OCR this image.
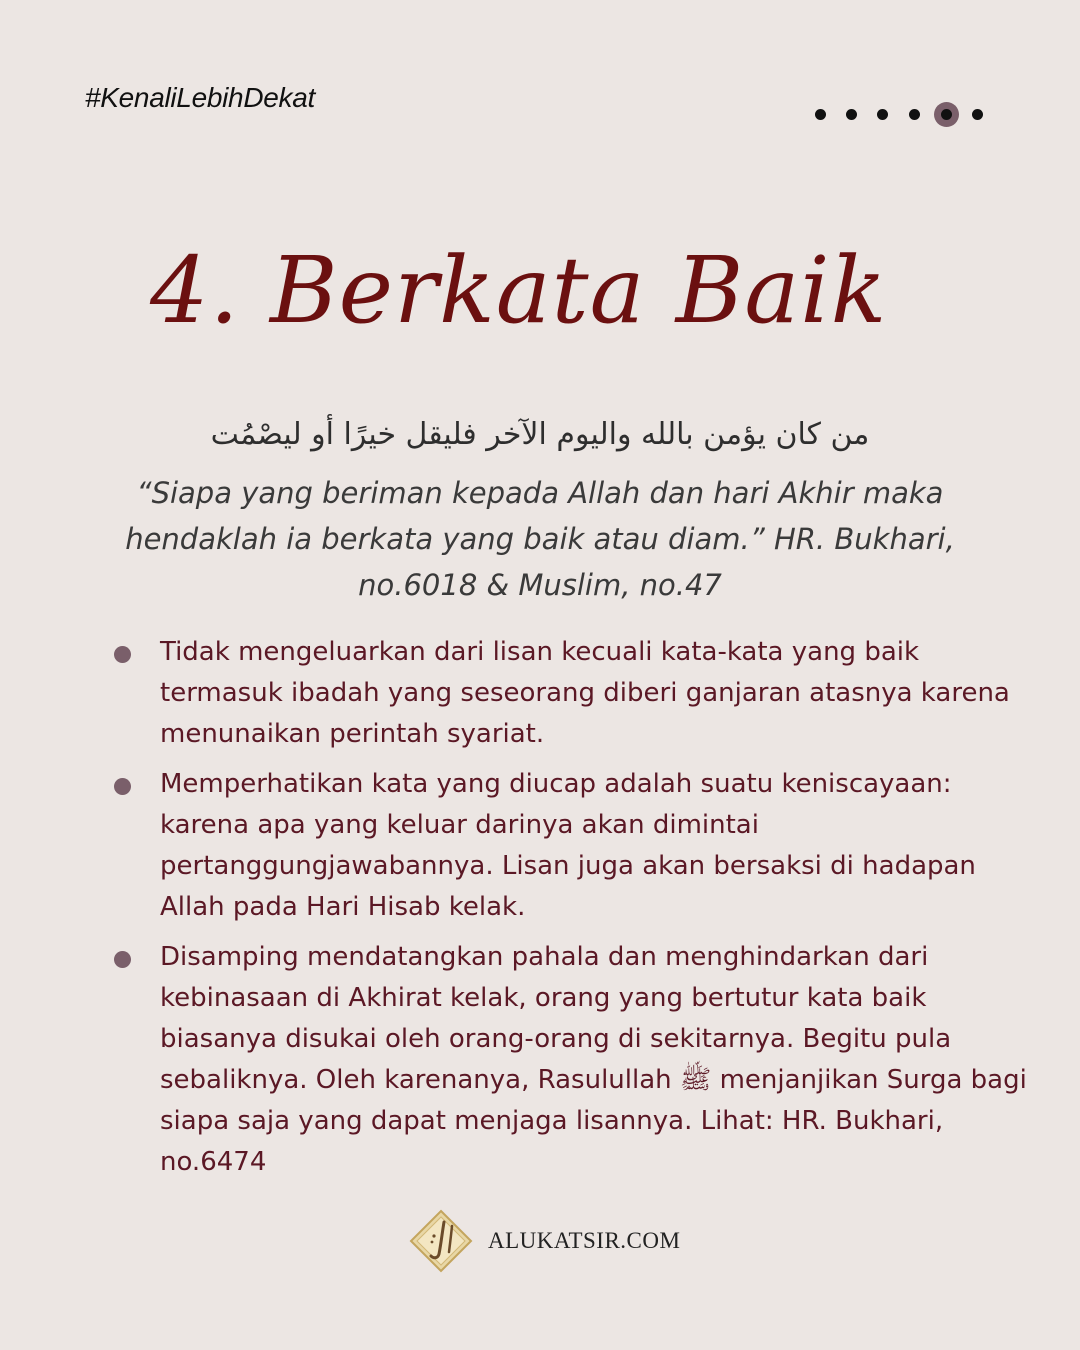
#KenaliLebihDekat
4. Berkata Baik
من كان يؤمن بالله واليوم الآخر فليقل خيرًا أو ليصْمُت
“Siapa yang beriman kepada Allah dan hari Akhir maka hendaklah ia berkata yang baik atau diam.” HR. Bukhari, no.6018 & Muslim, no.47
Tidak mengeluarkan dari lisan kecuali kata-kata yang baik termasuk ibadah yang seseorang diberi ganjaran atasnya karena menunaikan perintah syariat.
Memperhatikan kata yang diucap adalah suatu keniscayaan: karena apa yang keluar darinya akan dimintai pertanggungjawabannya. Lisan juga akan bersaksi di hadapan Allah pada Hari Hisab kelak.
Disamping mendatangkan pahala dan menghindarkan dari kebinasaan di Akhirat kelak, orang yang bertutur kata baik biasanya disukai oleh orang-orang di sekitarnya. Begitu pula sebaliknya. Oleh karenanya, Rasulullah ﷺ menjanjikan Surga bagi siapa saja yang dapat menjaga lisannya. Lihat: HR. Bukhari, no.6474
ALUKATSIR.COM
